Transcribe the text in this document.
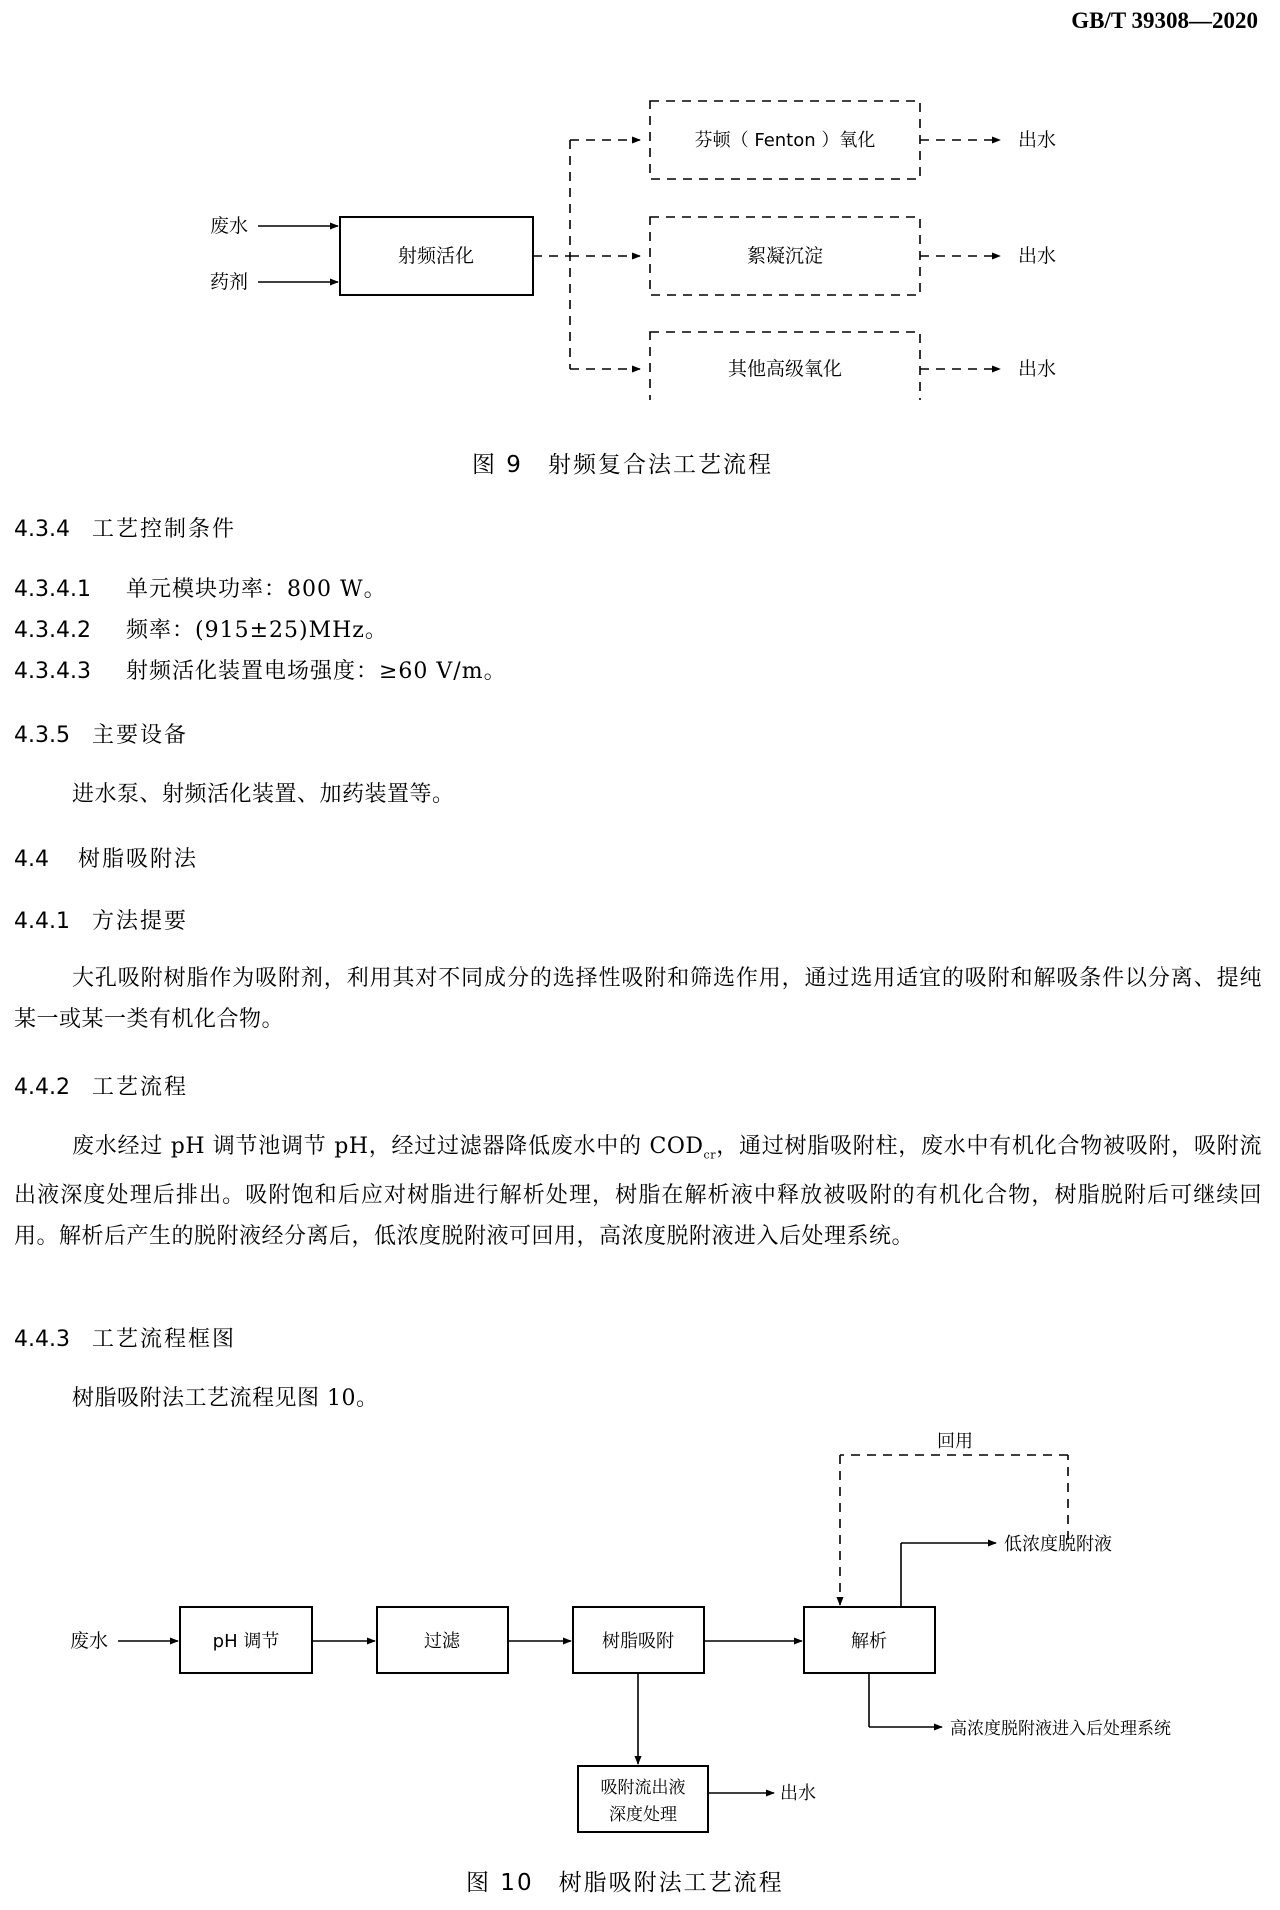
GB/T 39308—2020
废水
药剂
射频活化
芬顿（ Fenton ）氧化
絮凝沉淀
其他高级氧化
出水
出水
出水
图 9　射频复合法工艺流程
4.3.4 工艺控制条件
4.3.4.1 单元模块功率：800 W。
4.3.4.2 频率：(915±25)MHz。
4.3.4.3 射频活化装置电场强度：≥60 V/m。
4.3.5 主要设备
进水泵、射频活化装置、加药装置等。
4.4 树脂吸附法
4.4.1 方法提要
大孔吸附树脂作为吸附剂，利用其对不同成分的选择性吸附和筛选作用，通过选用适宜的吸附和解吸条件以分离、提纯某一或某一类有机化合物。
4.4.2 工艺流程
废水经过 pH 调节池调节 pH，经过过滤器降低废水中的 $COD_{cr}$，通过树脂吸附柱，废水中有机化合物被吸附，吸附流出液深度处理后排出。吸附饱和后应对树脂进行解析处理，树脂在解析液中释放被吸附的有机化合物，树脂脱附后可继续回用。解析后产生的脱附液经分离后，低浓度脱附液可回用，高浓度脱附液进入后处理系统。
4.4.3 工艺流程框图
树脂吸附法工艺流程见图 10。
废水	pH 调节	过滤	树脂吸附	解析
回用
低浓度脱附液
高浓度脱附液进入后处理系统
吸附流出液
深度处理
出水
图 10　树脂吸附法工艺流程
